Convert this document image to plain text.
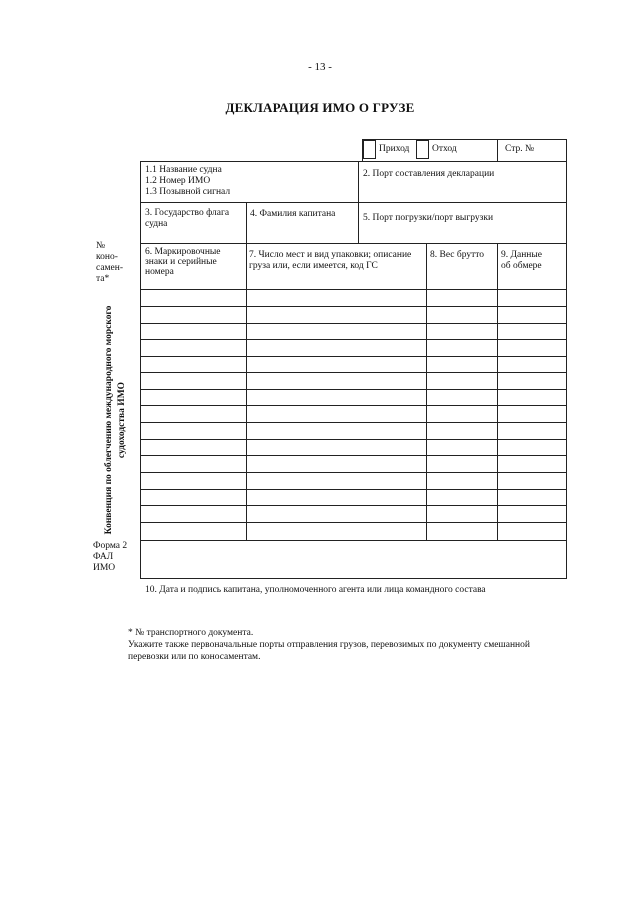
- 13 -
ДЕКЛАРАЦИЯ ИМО О ГРУЗЕ
Приход Отход	Стр. №
1.1 Название судна
1.2 Номер ИМО
1.3 Позывной сигнал
2. Порт составления декларации
3. Государство флага
судна
4. Фамилия капитана	5. Порт погрузки/порт выгрузки
6. Маркировочные
знаки и серийные
номера
7. Число мест и вид упаковки; описание
груза или, если имеется, код ГС
8. Вес брутто 9. Данные
об обмере
10. Дата и подпись капитана, уполномоченного агента или лица командного состава
№
коно-
самен-
та*
Конвенция по облегчению международного морского судоходства ИМО
Форма 2
ФАЛ
ИМО
* № транспортного документа.
Укажите также первоначальные порты отправления грузов, перевозимых по документу смешанной
перевозки или по коносаментам.
